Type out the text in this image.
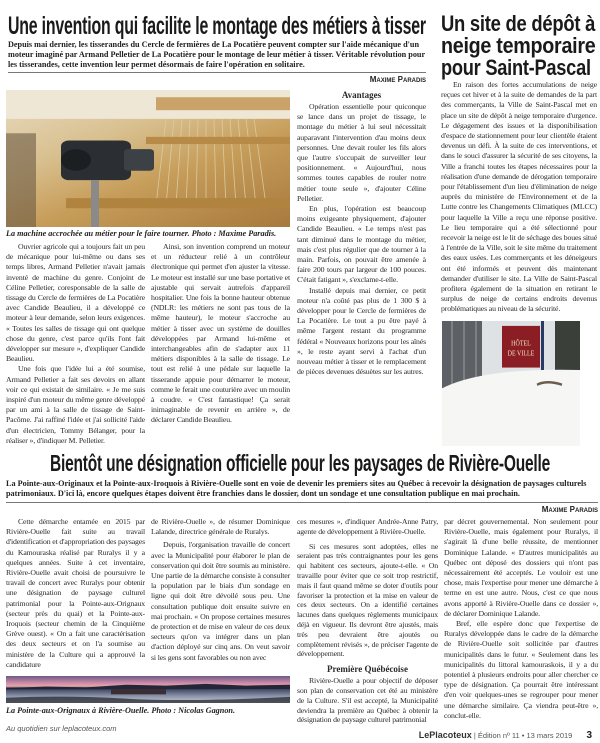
Une invention qui facilite le montage des métiers à tisser
Depuis mai dernier, les tisserandes du Cercle de fermières de La Pocatière peuvent compter sur l'aide mécanique d'un moteur imaginé par Armand Pelletier de La Pocatière pour le montage de leur métier à tisser. Véritable révolution pour les tisserandes, cette invention leur permet désormais de faire l'opération en solitaire.
Maxime Paradis
La machine accrochée au métier pour le faire tourner. Photo : Maxime Paradis.

Ouvrier agricole qui a toujours fait un peu de mécanique pour lui-même ou dans ses temps libres, Armand Pelletier n'avait jamais inventé de machine du genre. Conjoint de Céline Pelletier, coresponsable de la salle de tissage du Cercle de fermières de La Pocatière avec Candide Beaulieu, il a développé ce moteur à leur demande, selon leurs exigences. « Toutes les salles de tissage qui ont quelque chose du genre, c'est parce qu'ils l'ont fait développer sur mesure », d'expliquer Candide Beaulieu.

Une fois que l'idée lui a été soumise, Armand Pelletier a fait ses devoirs en allant voir ce qui existait de similaire. « Je me suis inspiré d'un moteur du même genre développé par un ami à la salle de tissage de Saint-Pacôme. J'ai raffiné l'idée et j'ai sollicité l'aide d'un électricien, Tommy Bélanger, pour la réaliser », d'indiquer M. Pelletier.

Ainsi, son invention comprend un moteur et un réducteur relié à un contrôleur électronique qui permet d'en ajuster la vitesse. Le moteur est installé sur une base portative et ajustable qui servait autrefois d'appareil hospitalier. Une fois la bonne hauteur obtenue (NDLR: les métiers ne sont pas tous de la même hauteur), le moteur s'accroche au métier à tisser avec un système de douilles développées par Armand lui-même et interchangeables afin de s'adapter aux 11 métiers disponibles à la salle de tissage. Le tout est relié à une pédale sur laquelle la tisserande appuie pour démarrer le moteur, comme le ferait une couturière avec un moulin à coudre. « C'est fantastique! Ça serait inimaginable de revenir en arrière », de déclarer Candide Beaulieu.

Avantages

Opération essentielle pour quiconque se lance dans un projet de tissage, le montage du métier à lui seul nécessitait auparavant l'intervention d'au moins deux personnes. Une devait rouler les fils alors que l'autre s'occupait de surveiller leur positionnement. « Aujourd'hui, nous sommes toutes capables de rouler notre métier toute seule », d'ajouter Céline Pelletier.

En plus, l'opération est beaucoup moins exigeante physiquement, d'ajouter Candide Beaulieu. « Le temps n'est pas tant diminué dans le montage du métier, mais c'est plus régulier que de tourner à la main. Parfois, on pouvait être amenée à faire 200 tours par largeur de 100 pouces. C'était fatigant », s'exclame-t-elle.

Installé depuis mai dernier, ce petit moteur n'a coûté pas plus de 1 300 $ à développer pour le Cercle de fermières de La Pocatière. Le tout a pu être payé à même l'argent restant du programme fédéral « Nouveaux horizons pour les aînés », le reste ayant servi à l'achat d'un nouveau métier à tisser et le remplacement de pièces devenues désuètes sur les autres.

Un site de dépôt à neige temporaire pour Saint-Pascal

En raison des fortes accumulations de neige reçues cet hiver et à la suite de demandes de la part des commerçants, la Ville de Saint-Pascal met en place un site de dépôt à neige temporaire d'urgence. Le dégagement des issues et la disponibilisation d'espace de stationnement pour leur clientèle étaient devenus un défi. À la suite de ces interventions, et dans le souci d'assurer la sécurité de ses citoyens, la Ville a franchi toutes les étapes nécessaires pour la réalisation d'une demande de dérogation temporaire pour l'établissement d'un lieu d'élimination de neige auprès du ministère de l'Environnement et de la Lutte contre les Changements Climatiques (MLCC) pour laquelle la Ville a reçu une réponse positive. Le lieu temporaire qui a été sélectionné pour recevoir la neige est le lit de séchage des boues situé à l'entrée de la Ville, soit le site même du traitement des eaux usées. Les commerçants et les déneigeurs ont été informés et peuvent dès maintenant demander d'utiliser le site. La Ville de Saint-Pascal profitera également de la situation en retirant le surplus de neige de certains endroits devenus problématiques au niveau de la sécurité.

HÔTEL
DE VILLE
Bientôt une désignation officielle pour les paysages de Rivière-Ouelle
La Pointe-aux-Originaux et la Pointe-aux-Iroquois à Rivière-Ouelle sont en voie de devenir les premiers sites au Québec à recevoir la désignation de paysages culturels patrimoniaux. D'ici là, encore quelques étapes doivent être franchies dans le dossier, dont un sondage et une consultation publique en mai prochain.
Maxime Paradis

Cette démarche entamée en 2015 par Rivière-Ouelle fait suite au travail d'identification et d'appropriation des paysages du Kamouraska réalisé par Ruralys il y a quelques années. Suite à cet inventaire, Rivière-Ouelle avait choisi de poursuivre le travail de concert avec Ruralys pour obtenir une désignation de paysage culturel patrimonial pour la Pointe-aux-Orignaux (secteur près du quai) et la Pointe-aux-Iroquois (secteur chemin de la Cinquième Grève ouest). « On a fait une caractérisation des deux secteurs et on l'a soumise au ministère de la Culture qui a approuvé la candidature

de Rivière-Ouelle », de résumer Dominique Lalande, directrice générale de Ruralys.

Depuis, l'organisation travaille de concert avec la Municipalité pour élaborer le plan de conservation qui doit être soumis au ministère. Une partie de la démarche consiste à consulter la population par le biais d'un sondage en ligne qui doit être dévoilé sous peu. Une consultation publique doit ensuite suivre en mai prochain. « On propose certaines mesures de protection et de mise en valeur de ces deux secteurs qu'on va intégrer dans un plan d'action déployé sur cinq ans. On veut savoir si les gens sont favorables ou non avec

ces mesures », d'indiquer Andrée-Anne Patry, agente de développement à Rivière-Ouelle.

Si ces mesures sont adoptées, elles ne seraient pas très contraignantes pour les gens qui habitent ces secteurs, ajoute-t-elle. « On travaille pour éviter que ce soit trop restrictif, mais il faut quand même se doter d'outils pour favoriser la protection et la mise en valeur de ces deux secteurs. On a identifié certaines lacunes dans quelques règlements municipaux déjà en vigueur. Ils devront être ajustés, mais très peu devraient être ajoutés ou complètement révisés », de préciser l'agente de développement.

Première Québécoise

Rivière-Ouelle a pour objectif de déposer son plan de conservation cet été au ministère de la Culture. S'il est accepté, la Municipalité deviendra la première au Québec à obtenir la désignation de paysage culturel patrimonial

par décret gouvernemental. Non seulement pour Rivière-Ouelle, mais également pour Ruralys, il s'agirait là d'une belle réussite, de mentionner Dominique Lalande. « D'autres municipalités au Québec ont déposé des dossiers qui n'ont pas nécessairement été acceptés. Le vouloir est une chose, mais l'expertise pour mener une démarche à terme en est une autre. Nous, c'est ce que nous avons apporté à Rivière-Ouelle dans ce dossier », de déclarer Dominique Lalande.

Bref, elle espère donc que l'expertise de Ruralys développée dans le cadre de la démarche de Rivière-Ouelle soit sollicitée par d'autres municipalités dans le futur. « Seulement dans les municipalités du littoral kamouraskois, il y a du potentiel à plusieurs endroits pour aller chercher ce type de désignation. Ça pourrait être intéressant d'en voir quelques-unes se regrouper pour mener une démarche similaire. Ça viendra peut-être », conclut-elle.

La Pointe-aux-Orignaux à Rivière-Ouelle. Photo : Nicolas Gagnon.
Au quotidien sur leplacoteux.com
LePlacoteux | Édition nº 11 • 13 mars 2019 3
